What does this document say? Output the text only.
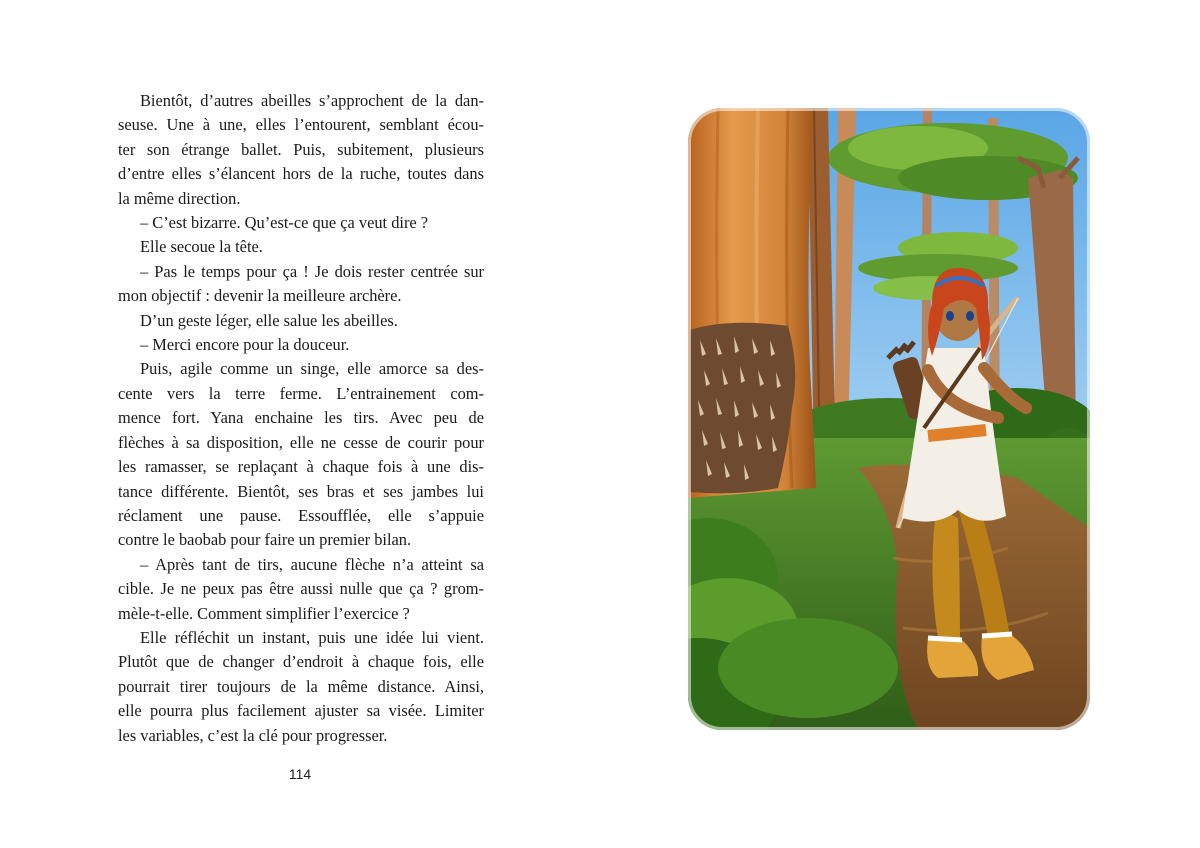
Bientôt, d’autres abeilles s’approchent de la dan-
seuse. Une à une, elles l’entourent, semblant écou-
ter son étrange ballet. Puis, subitement, plusieurs
d’entre elles s’élancent hors de la ruche, toutes dans
la même direction.

– C’est bizarre. Qu’est-ce que ça veut dire ?

Elle secoue la tête.

– Pas le temps pour ça ! Je dois rester centrée sur
mon objectif : devenir la meilleure archère.

D’un geste léger, elle salue les abeilles.

– Merci encore pour la douceur.

Puis, agile comme un singe, elle amorce sa des-
cente vers la terre ferme. L’entrainement com-
mence fort. Yana enchaine les tirs. Avec peu de
flèches à sa disposition, elle ne cesse de courir pour
les ramasser, se replaçant à chaque fois à une dis-
tance différente. Bientôt, ses bras et ses jambes lui
réclament une pause. Essoufflée, elle s’appuie
contre le baobab pour faire un premier bilan.

– Après tant de tirs, aucune flèche n’a atteint sa
cible. Je ne peux pas être aussi nulle que ça ? grom-
mèle-t-elle. Comment simplifier l’exercice ?

Elle réfléchit un instant, puis une idée lui vient.
Plutôt que de changer d’endroit à chaque fois, elle
pourrait tirer toujours de la même distance. Ainsi,
elle pourra plus facilement ajuster sa visée. Limiter
les variables, c’est la clé pour progresser.

114
